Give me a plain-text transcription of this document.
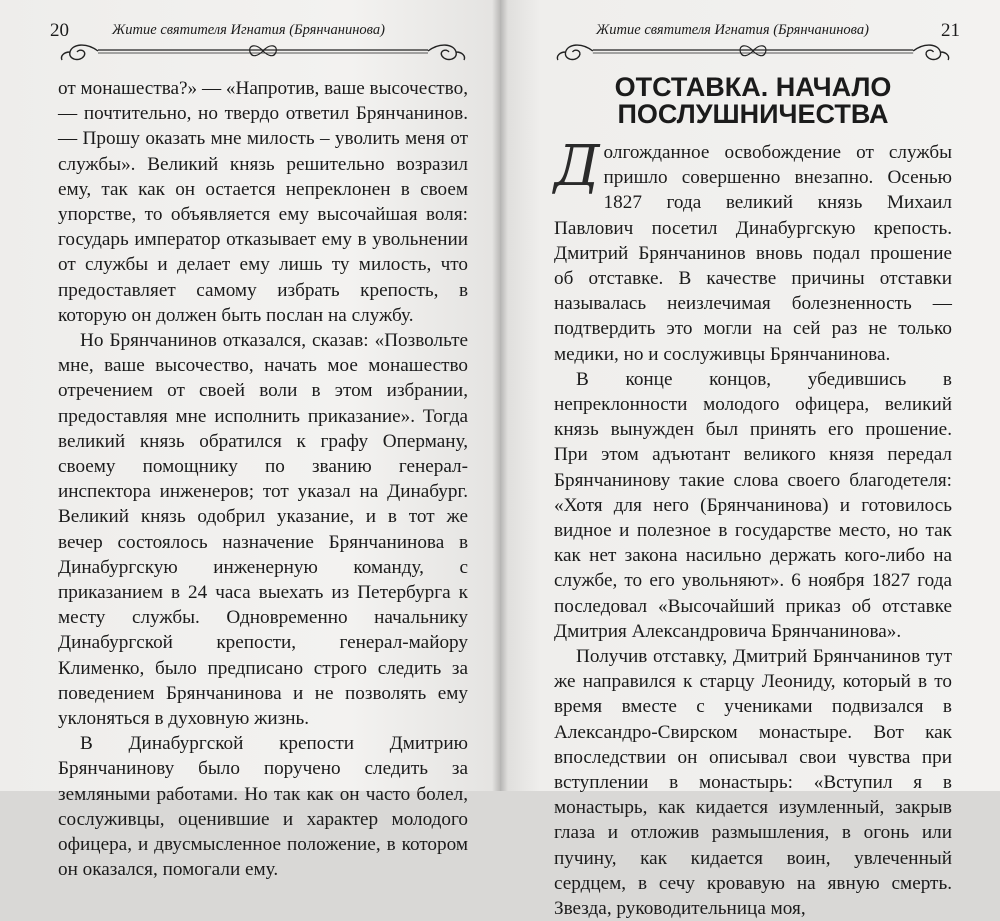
20	Житие святителя Игнатия (Брянчанинова)

от монашества?» — «Напротив, ваше высочество, — почтительно, но твердо ответил Брянчанинов. — Прошу оказать мне милость – уволить меня от службы». Великий князь решительно возразил ему, так как он остается непреклонен в своем упорстве, то объявляется ему высочайшая воля: государь император отказывает ему в увольнении от службы и делает ему лишь ту милость, что предоставляет самому избрать крепость, в которую он должен быть послан на службу.

Но Брянчанинов отказался, сказав: «Позвольте мне, ваше высочество, начать мое монашество отречением от своей воли в этом избрании, предоставляя мне исполнить приказание». Тогда великий князь обратился к графу Оперману, своему помощнику по званию генерал-инспектора инженеров; тот указал на Динабург. Великий князь одобрил указание, и в тот же вечер состоялось назначение Брянчанинова в Динабургскую инженерную команду, с приказанием в 24 часа выехать из Петербурга к месту службы. Одновременно начальнику Динабургской крепости, генерал-майору Клименко, было предписано строго следить за поведением Брянчанинова и не позволять ему уклоняться в духовную жизнь.

В Динабургской крепости Дмитрию Брянчанинову было поручено следить за земляными работами. Но так как он часто болел, сослуживцы, оценившие и характер молодого офицера, и двусмысленное положение, в котором он оказался, помогали ему.

Житие святителя Игнатия (Брянчанинова)	21
ОТСТАВКА. НАЧАЛО
ПОСЛУШНИЧЕСТВА

Долгожданное освобождение от службы пришло совершенно внезапно. Осенью 1827 года великий князь Михаил Павлович посетил Динабургскую крепость. Дмитрий Брянчанинов вновь подал прошение об отставке. В качестве причины отставки называлась неизлечимая болезненность — подтвердить это могли на сей раз не только медики, но и сослуживцы Брянчанинова.

В конце концов, убедившись в непреклонности молодого офицера, великий князь вынужден был принять его прошение. При этом адъютант великого князя передал Брянчанинову такие слова своего благодетеля: «Хотя для него (Брянчанинова) и готовилось видное и полезное в государстве место, но так как нет закона насильно держать кого-либо на службе, то его увольняют». 6 ноября 1827 года последовал «Высочайший приказ об отставке Дмитрия Александровича Брянчанинова».

Получив отставку, Дмитрий Брянчанинов тут же направился к старцу Леониду, который в то время вместе с учениками подвизался в Александро-Свирском монастыре. Вот как впоследствии он описывал свои чувства при вступлении в монастырь: «Вступил я в монастырь, как кидается изумленный, закрыв глаза и отложив размышления, в огонь или пучину, как кидается воин, увлеченный сердцем, в сечу кровавую на явную смерть. Звезда, руководительница моя,
